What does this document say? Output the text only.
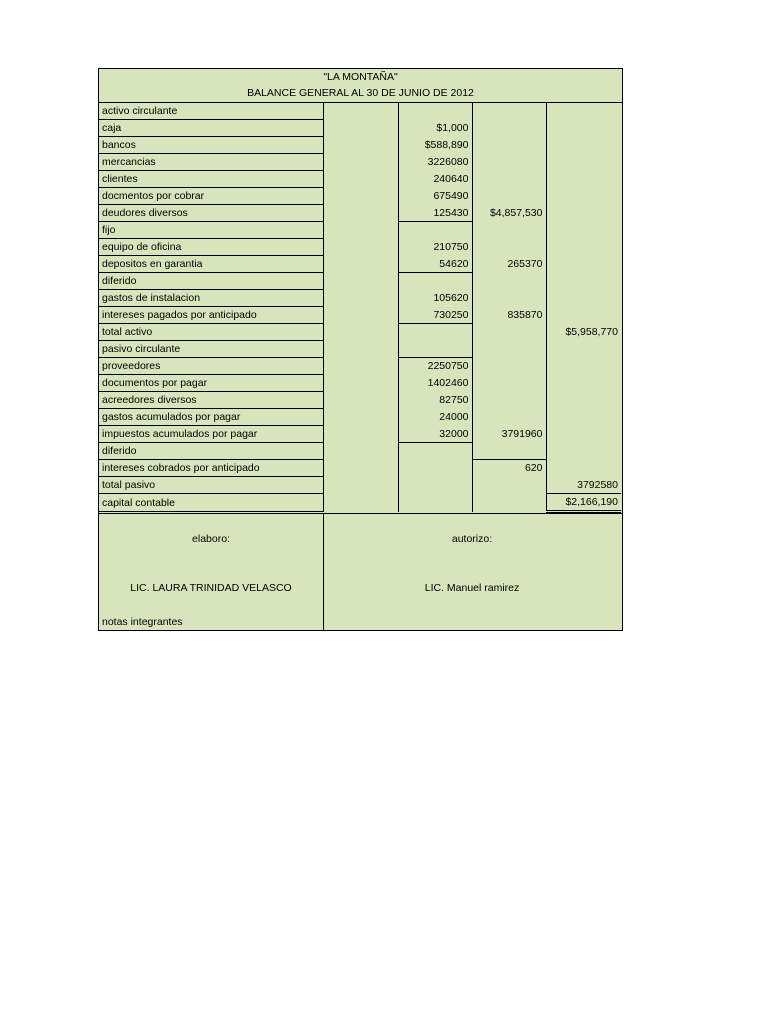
"LA MONTAÑA"
BALANCE GENERAL AL 30 DE JUNIO DE 2012
activo circulante				
caja		$1,000		
bancos		$588,890		
mercancias		3226080		
clientes		240640		
docmentos por cobrar		675490		
deudores diversos		125430	$4,857,530	
fijo				
equipo de oficina		210750		
depositos en garantia		54620	265370	
diferido				
gastos de instalacion		105620		
intereses pagados por anticipado		730250	835870	
total activo				$5,958,770
pasivo circulante				
proveedores		2250750		
documentos por pagar		1402460		
acreedores diversos		82750		
gastos acumulados por pagar		24000		
impuestos acumulados por pagar		32000	3791960	
diferido				
intereses cobrados por anticipado			620	
total pasivo				3792580
capital contable				$2,166,190
elaboro:	autorizo:
LIC. LAURA TRINIDAD VELASCO	LIC. Manuel ramirez
notas integrantes
